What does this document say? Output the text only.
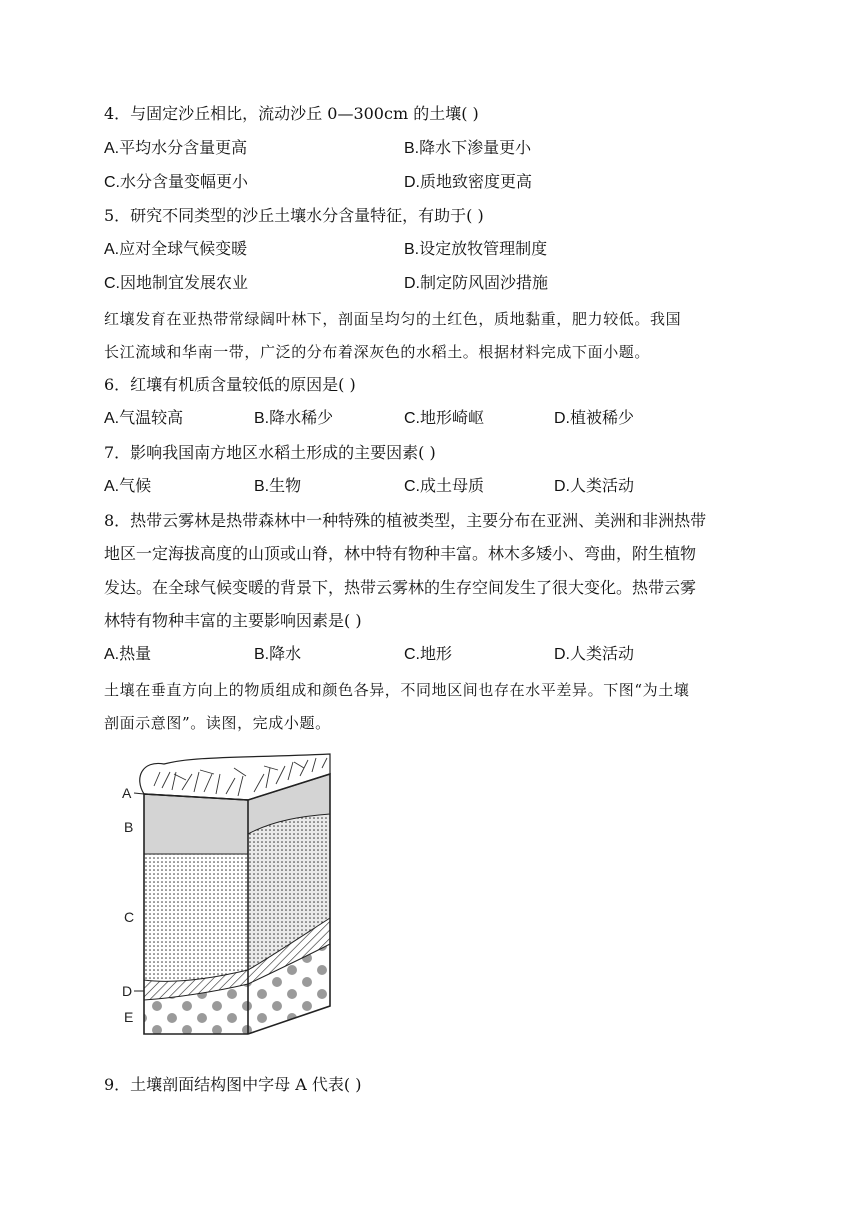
4．与固定沙丘相比，流动沙丘 0—300cm 的土壤( )
A.平均水分含量更高	B.降水下渗量更小
C.水分含量变幅更小	D.质地致密度更高
5．研究不同类型的沙丘土壤水分含量特征，有助于( )
A.应对全球气候变暖	B.设定放牧管理制度
C.因地制宜发展农业	D.制定防风固沙措施
红壤发育在亚热带常绿阔叶林下，剖面呈均匀的土红色，质地黏重，肥力较低。我国
长江流域和华南一带，广泛的分布着深灰色的水稻土。根据材料完成下面小题。
6．红壤有机质含量较低的原因是( )
A.气温较高	B.降水稀少	C.地形崎岖	D.植被稀少
7．影响我国南方地区水稻土形成的主要因素( )
A.气候	B.生物	C.成土母质	D.人类活动
8．热带云雾林是热带森林中一种特殊的植被类型，主要分布在亚洲、美洲和非洲热带
地区一定海拔高度的山顶或山脊，林中特有物种丰富。林木多矮小、弯曲，附生植物
发达。在全球气候变暖的背景下，热带云雾林的生存空间发生了很大变化。热带云雾
林特有物种丰富的主要影响因素是( )
A.热量	B.降水	C.地形	D.人类活动
土壤在垂直方向上的物质组成和颜色各异，不同地区间也存在水平差异。下图“为土壤
剖面示意图”。读图，完成小题。
A
B
C
D
E
9．土壤剖面结构图中字母 A 代表( )
